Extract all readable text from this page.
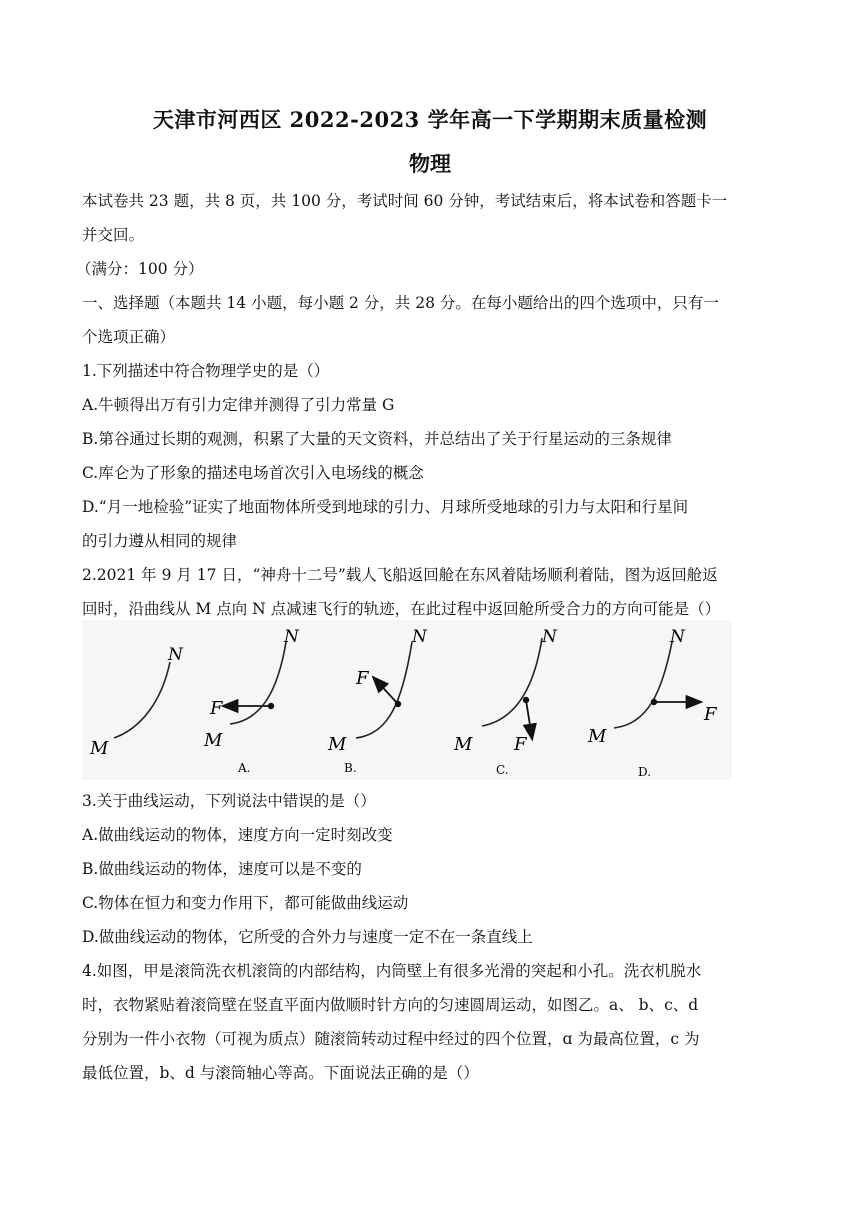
天津市河西区 2022-2023 学年高一下学期期末质量检测
物理
本试卷共 23 题，共 8 页，共 100 分，考试时间 60 分钟，考试结束后，将本试卷和答题卡一
并交回。
（满分：100 分）
一、选择题（本题共 14 小题，每小题 2 分，共 28 分。在每小题给出的四个选项中，只有一
个选项正确）
1.下列描述中符合物理学史的是（）
A.牛顿得出万有引力定律并测得了引力常量 G
B.第谷通过长期的观测，积累了大量的天文资料，并总结出了关于行星运动的三条规律
C.库仑为了形象的描述电场首次引入电场线的概念
D.“月一地检验”证实了地面物体所受到地球的引力、月球所受地球的引力与太阳和行星间
的引力遵从相同的规律
2.2021 年 9 月 17 日，“神舟十二号”载人飞船返回舱在东风着陆场顺利着陆，图为返回舱返
回时，沿曲线从 M 点向 N 点减速飞行的轨迹，在此过程中返回舱所受合力的方向可能是（）
M
N
F
M
N
A.
F
M
N
B.
F
M
N
C.
F
M
N
D.
3.关于曲线运动，下列说法中错误的是（）
A.做曲线运动的物体，速度方向一定时刻改变
B.做曲线运动的物体，速度可以是不变的
C.物体在恒力和变力作用下，都可能做曲线运动
D.做曲线运动的物体，它所受的合外力与速度一定不在一条直线上
4.如图，甲是滚筒洗衣机滚筒的内部结构，内筒壁上有很多光滑的突起和小孔。洗衣机脱水
时，衣物紧贴着滚筒壁在竖直平面内做顺时针方向的匀速圆周运动，如图乙。a、 b、c、d
分别为一件小衣物（可视为质点）随滚筒转动过程中经过的四个位置，ɑ 为最高位置，c 为
最低位置，b、d 与滚筒轴心等高。下面说法正确的是（）
